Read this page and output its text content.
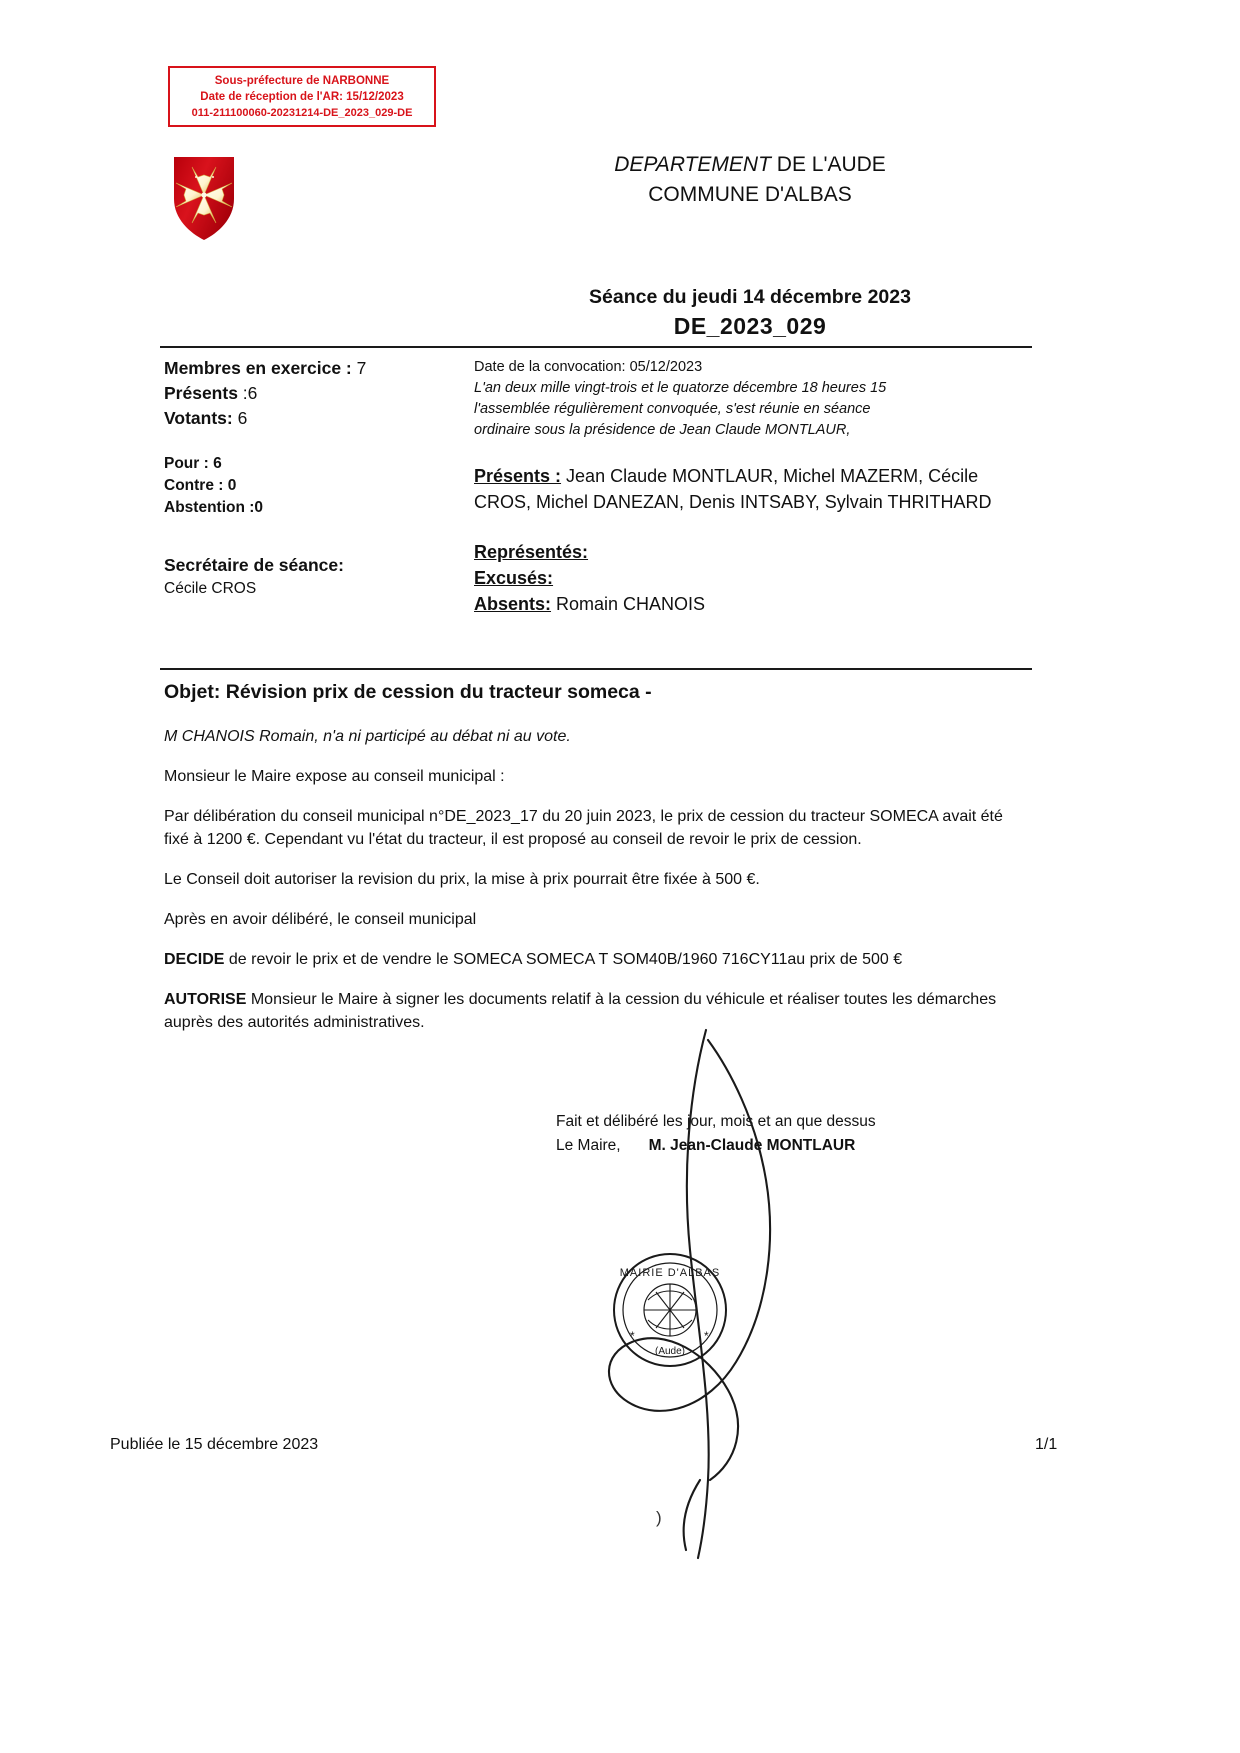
Sous-préfecture de NARBONNE
Date de réception de l'AR: 15/12/2023
011-211100060-20231214-DE_2023_029-DE
DEPARTEMENT DE L'AUDE
COMMUNE D'ALBAS
Séance du jeudi 14 décembre 2023
DE_2023_029
Membres en exercice : 7
Présents :6
Votants: 6
Pour : 6
Contre : 0
Abstention :0
Secrétaire de séance:
Cécile CROS
Date de la convocation: 05/12/2023
L'an deux mille vingt-trois et le quatorze décembre 18 heures 15
l'assemblée régulièrement convoquée, s'est réunie en séance
ordinaire sous la présidence de Jean Claude MONTLAUR,
Présents : Jean Claude MONTLAUR, Michel MAZERM, Cécile CROS, Michel DANEZAN, Denis INTSABY, Sylvain THRITHARD
Représentés:
Excusés:
Absents: Romain CHANOIS
Objet: Révision prix de cession du tracteur someca -

M CHANOIS Romain, n'a ni participé au débat ni au vote.

Monsieur le Maire expose au conseil municipal :

Par délibération du conseil municipal n°DE_2023_17 du 20 juin 2023, le prix de cession du tracteur SOMECA avait été fixé à 1200 €. Cependant vu l'état du tracteur, il est proposé au conseil de revoir le prix de cession.

Le Conseil doit autoriser la revision du prix, la mise à prix pourrait être fixée à 500 €.

Après en avoir délibéré, le conseil municipal

DECIDE de revoir le prix et de vendre le SOMECA SOMECA T SOM40B/1960 716CY11au prix de 500 €

AUTORISE Monsieur le Maire à signer les documents relatif à la cession du véhicule et réaliser toutes les démarches auprès des autorités administratives.

Fait et délibéré les jour, mois et an que dessus
Le Maire, M. Jean-Claude MONTLAUR
MAIRIE D'ALBAS
(Aude)
*	*
)
Publiée le 15 décembre 2023	1/1
